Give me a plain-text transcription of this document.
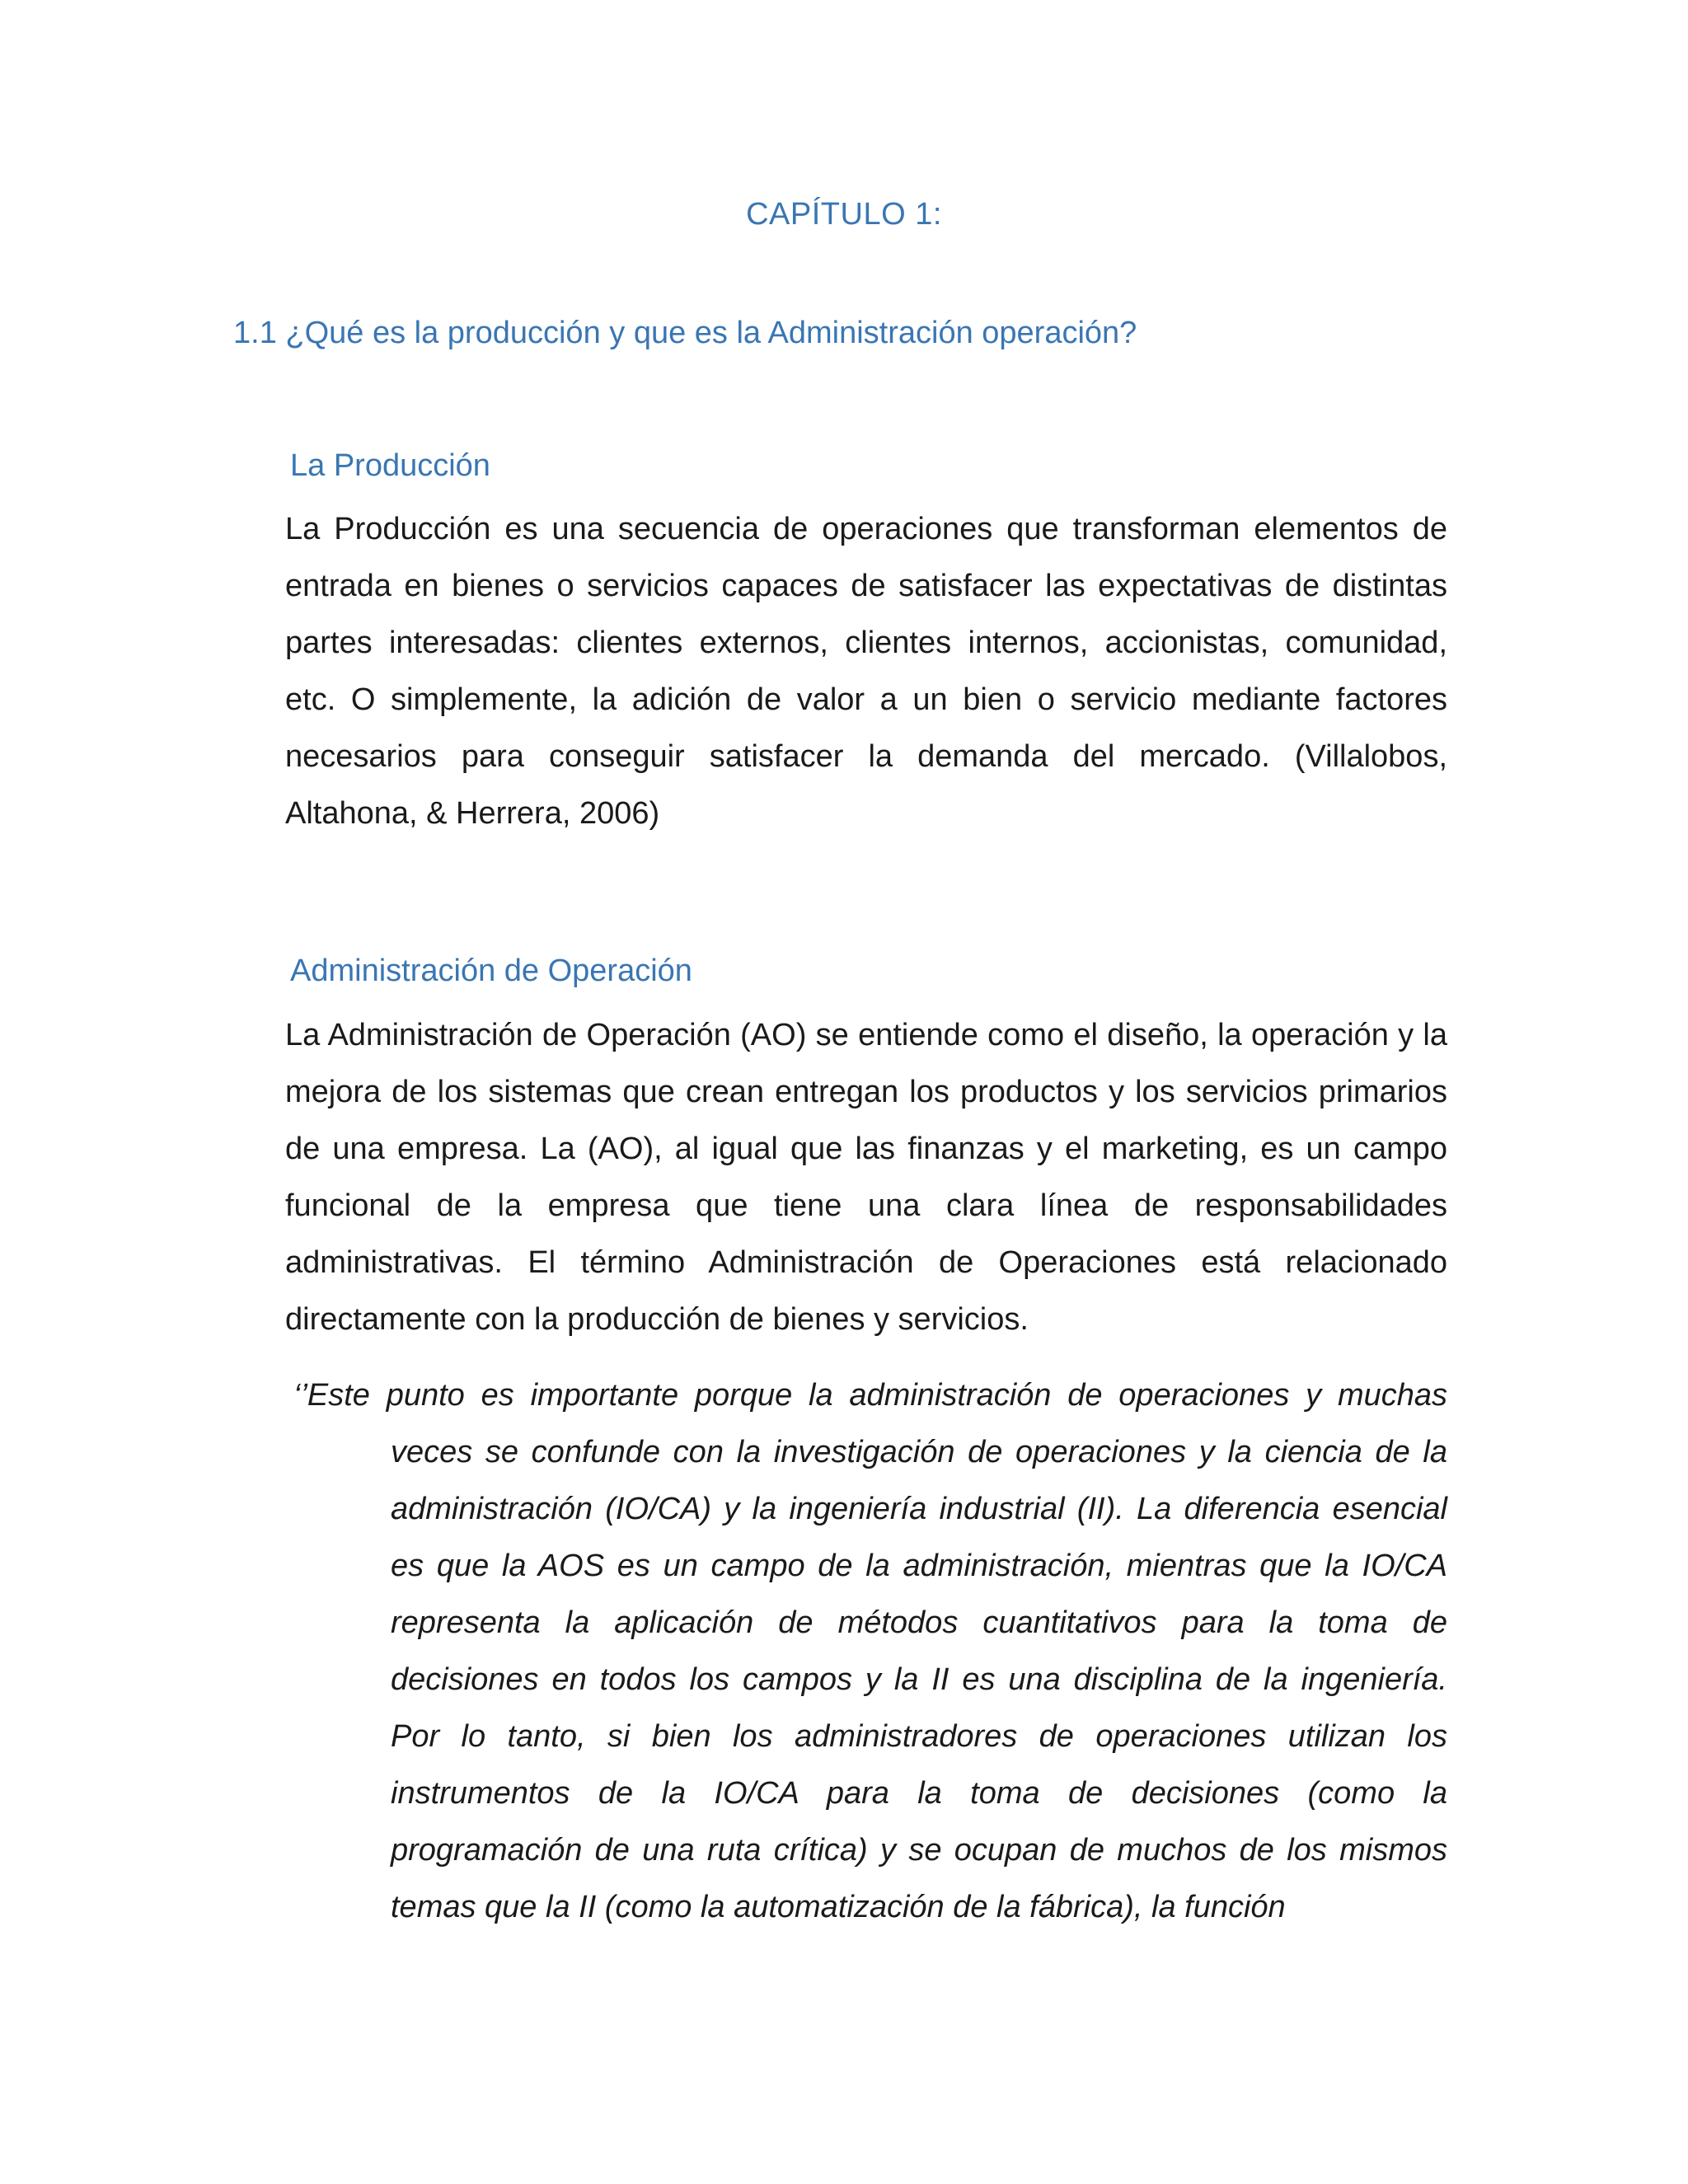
CAPÍTULO 1:
1.1 ¿Qué es la producción y que es la Administración operación?
La Producción
La Producción es una secuencia de operaciones que transforman elementos de entrada en bienes o servicios capaces de satisfacer las expectativas de distintas partes interesadas: clientes externos, clientes internos, accionistas, comunidad, etc. O simplemente, la adición de valor a un bien o servicio mediante factores necesarios para conseguir satisfacer la demanda del mercado. (Villalobos, Altahona, & Herrera, 2006)
Administración de Operación
La Administración de Operación (AO) se entiende como el diseño, la operación y la mejora de los sistemas que crean entregan los productos y los servicios primarios de una empresa. La (AO), al igual que las finanzas y el marketing, es un campo funcional de la empresa que tiene una clara línea de responsabilidades administrativas. El término Administración de Operaciones está relacionado directamente con la producción de bienes y servicios.
‘’Este punto es importante porque la administración de operaciones y muchas veces se confunde con la investigación de operaciones y la ciencia de la administración (IO/CA) y la ingeniería industrial (II). La diferencia esencial es que la AOS es un campo de la administración, mientras que la IO/CA representa la aplicación de métodos cuantitativos para la toma de decisiones en todos los campos y la II es una disciplina de la ingeniería. Por lo tanto, si bien los administradores de operaciones utilizan los instrumentos de la IO/CA para la toma de decisiones (como la programación de una ruta crítica) y se ocupan de muchos de los mismos temas que la II (como la automatización de la fábrica), la función
